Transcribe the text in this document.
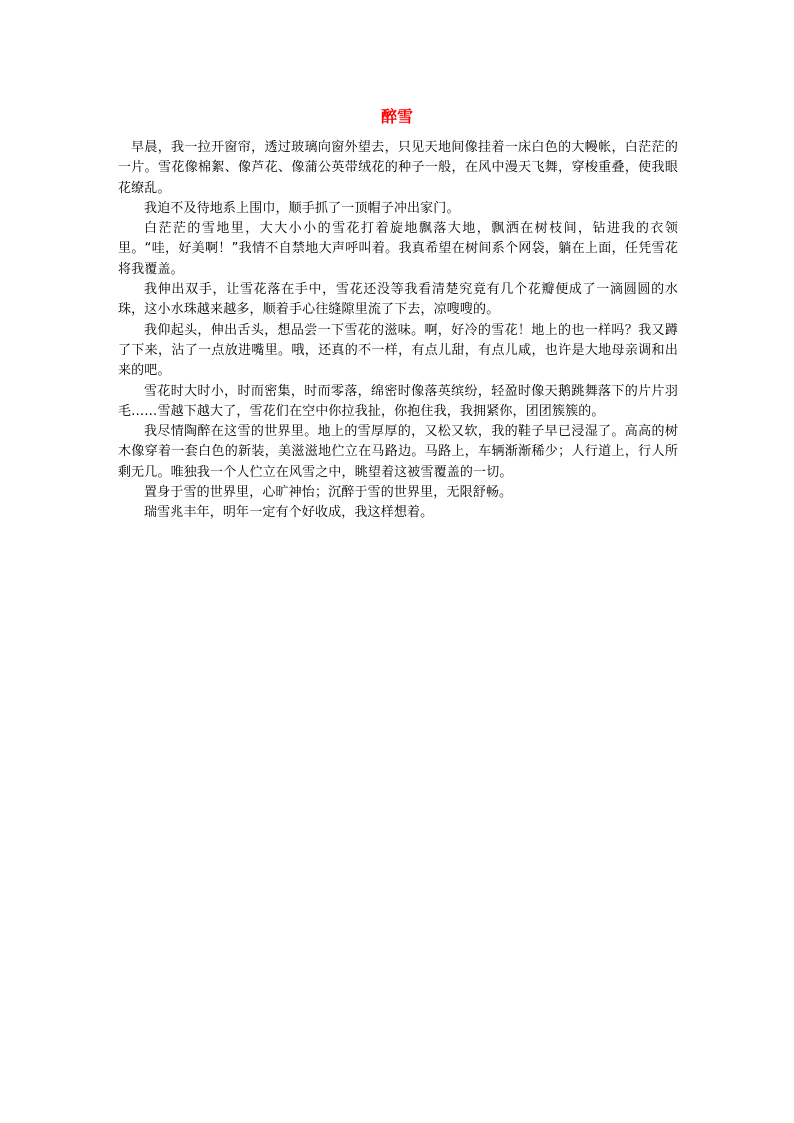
醉雪

早晨，我一拉开窗帘，透过玻璃向窗外望去，只见天地间像挂着一床白色的大幔帐，白茫茫的一片。雪花像棉絮、像芦花、像蒲公英带绒花的种子一般，在风中漫天飞舞，穿梭重叠，使我眼花缭乱。

我迫不及待地系上围巾，顺手抓了一顶帽子冲出家门。

白茫茫的雪地里，大大小小的雪花打着旋地飘落大地，飘洒在树枝间，钻进我的衣领里。“哇，好美啊！”我情不自禁地大声呼叫着。我真希望在树间系个网袋，躺在上面，任凭雪花将我覆盖。

我伸出双手，让雪花落在手中，雪花还没等我看清楚究竟有几个花瓣便成了一滴圆圆的水珠，这小水珠越来越多，顺着手心往缝隙里流了下去，凉嗖嗖的。

我仰起头，伸出舌头，想品尝一下雪花的滋味。啊，好冷的雪花！地上的也一样吗？我又蹲了下来，沾了一点放进嘴里。哦，还真的不一样，有点儿甜，有点儿咸，也许是大地母亲调和出来的吧。

雪花时大时小，时而密集，时而零落，绵密时像落英缤纷，轻盈时像天鹅跳舞落下的片片羽毛……雪越下越大了，雪花们在空中你拉我扯，你抱住我，我拥紧你，团团簇簇的。

我尽情陶醉在这雪的世界里。地上的雪厚厚的，又松又软，我的鞋子早已浸湿了。高高的树木像穿着一套白色的新装，美滋滋地伫立在马路边。马路上，车辆渐渐稀少；人行道上，行人所剩无几。唯独我一个人伫立在风雪之中，眺望着这被雪覆盖的一切。

置身于雪的世界里，心旷神怡；沉醉于雪的世界里，无限舒畅。

瑞雪兆丰年，明年一定有个好收成，我这样想着。
